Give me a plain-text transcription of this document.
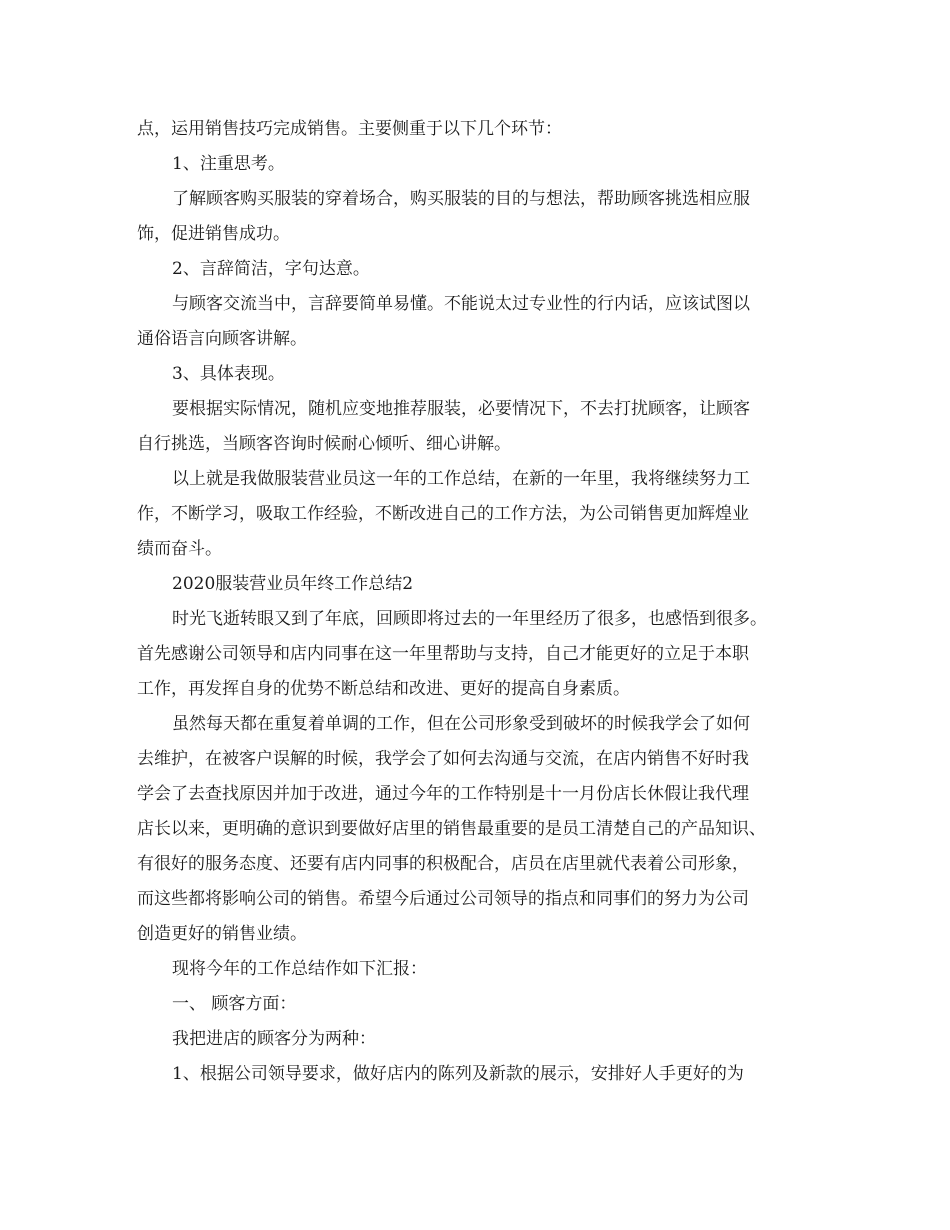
点，运用销售技巧完成销售。主要侧重于以下几个环节：
1、注重思考。
了解顾客购买服装的穿着场合，购买服装的目的与想法，帮助顾客挑选相应服
饰，促进销售成功。
2、言辞简洁，字句达意。
与顾客交流当中，言辞要简单易懂。不能说太过专业性的行内话，应该试图以
通俗语言向顾客讲解。
3、具体表现。
要根据实际情况，随机应变地推荐服装，必要情况下，不去打扰顾客，让顾客
自行挑选，当顾客咨询时候耐心倾听、细心讲解。
以上就是我做服装营业员这一年的工作总结，在新的一年里，我将继续努力工
作，不断学习，吸取工作经验，不断改进自己的工作方法，为公司销售更加辉煌业
绩而奋斗。
2020服装营业员年终工作总结2
时光飞逝转眼又到了年底，回顾即将过去的一年里经历了很多，也感悟到很多。
首先感谢公司领导和店内同事在这一年里帮助与支持，自己才能更好的立足于本职
工作，再发挥自身的优势不断总结和改进、更好的提高自身素质。
虽然每天都在重复着单调的工作，但在公司形象受到破坏的时候我学会了如何
去维护，在被客户误解的时候，我学会了如何去沟通与交流，在店内销售不好时我
学会了去查找原因并加于改进，通过今年的工作特别是十一月份店长休假让我代理
店长以来，更明确的意识到要做好店里的销售最重要的是员工清楚自己的产品知识、
有很好的服务态度、还要有店内同事的积极配合，店员在店里就代表着公司形象，
而这些都将影响公司的销售。希望今后通过公司领导的指点和同事们的努力为公司
创造更好的销售业绩。
现将今年的工作总结作如下汇报：
一、 顾客方面：
我把进店的顾客分为两种：
1、根据公司领导要求，做好店内的陈列及新款的展示，安排好人手更好的为
